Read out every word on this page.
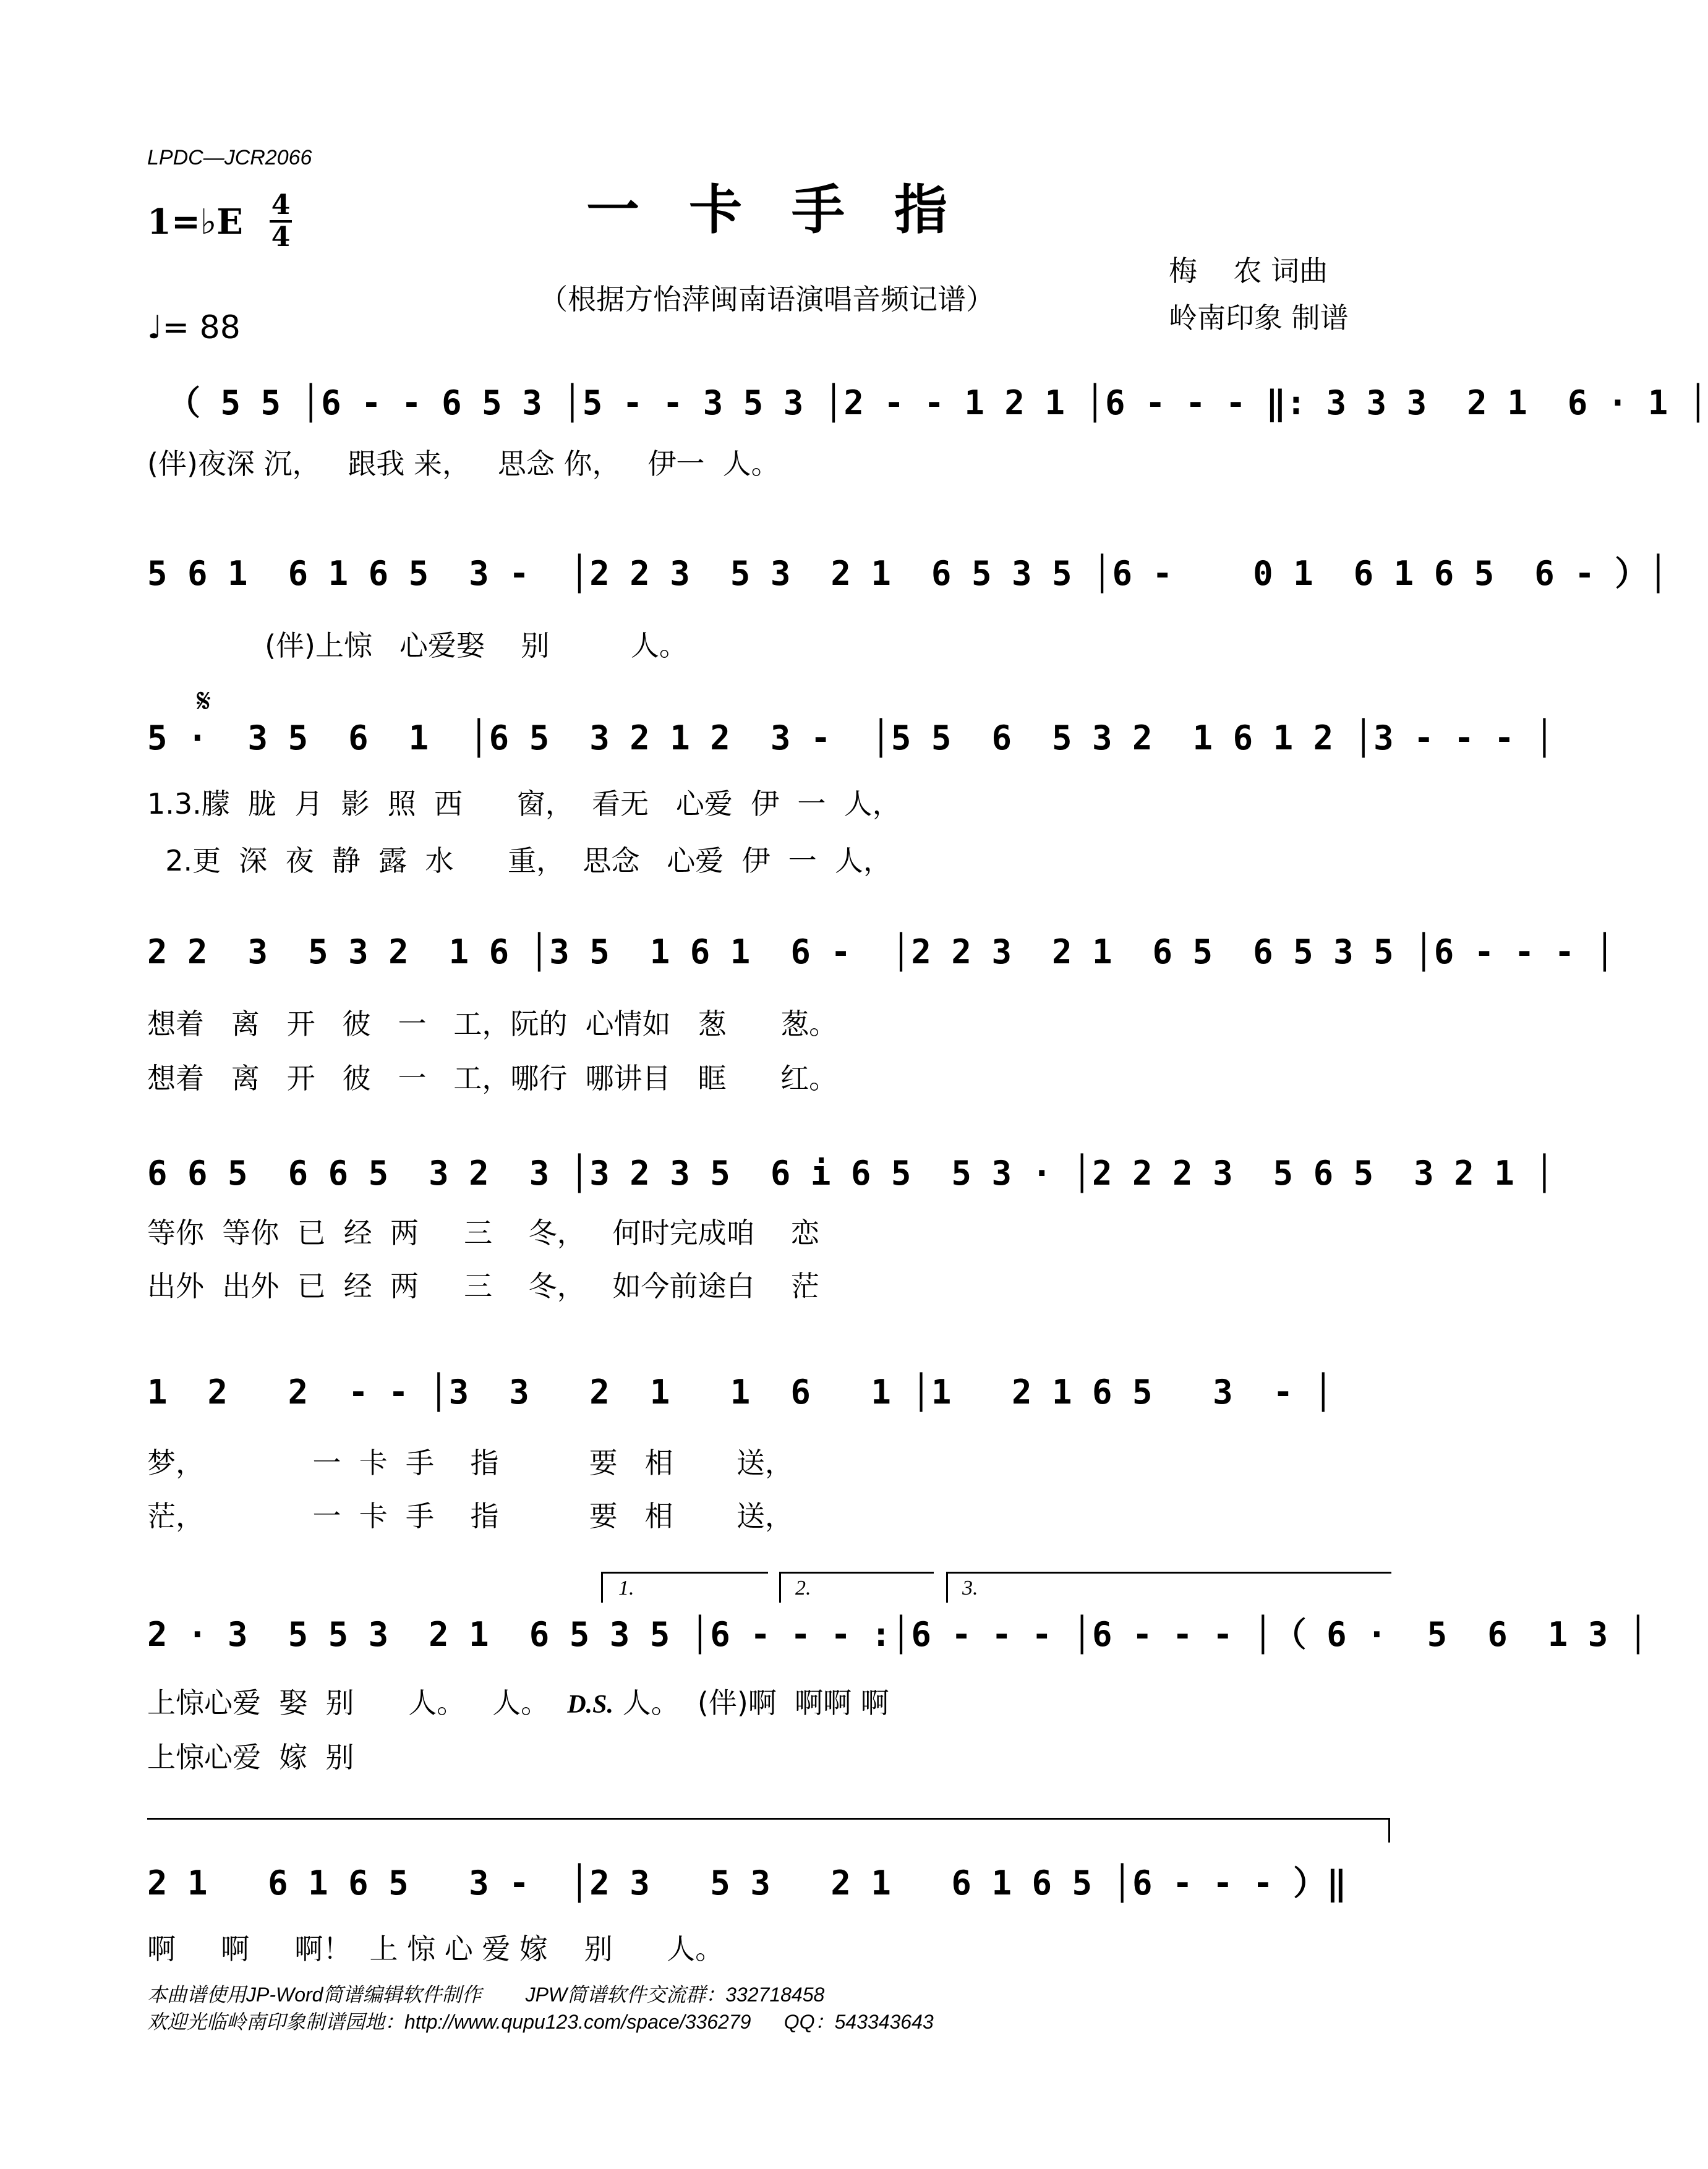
LPDC—JCR2066
一卡手指
（根据方怡萍闽南语演唱音频记谱）
梅    农 词曲
岭南印象 制谱
1=♭E 4
4
♩= 88
（ 5 5 │6 - - 6 5 3 │5 - - 3 5 3 │2 - - 1 2 1 │6 - - - ‖: 3 3 3  2 1  6 · 1 │
(伴)夜深 沉，   跟我 来，   思念 你，   伊一  人。
5 6 1  6 1 6 5  3 -  │2 2 3  5 3  2 1  6 5 3 5 │6 -    0 1  6 1 6 5  6 - ）│
(伴)上惊   心爱娶    别         人。
𝄋
5 ·  3 5  6  1  │6 5  3 2 1 2  3 -  │5 5  6  5 3 2  1 6 1 2 │3 - - - │
1.3.朦  胧  月  影  照  西      窗，  看无   心爱  伊  一  人，
2.更  深  夜  静  露  水      重，  思念   心爱  伊  一  人，
2 2  3  5 3 2  1 6 │3 5  1 6 1  6 -  │2 2 3  2 1  6 5  6 5 3 5 │6 - - - │
想着   离   开   彼   一   工，阮的  心情如   葱      葱。
想着   离   开   彼   一   工，哪行  哪讲目   眶      红。
6 6 5  6 6 5  3 2  3 │3 2 3 5  6 i 6 5  5 3 · │2 2 2 3  5 6 5  3 2 1 │
等你  等你  已  经  两     三    冬，   何时完成咱    恋
出外  出外  已  经  两     三    冬，   如今前途白    茫
1  2   2  - - │3  3   2  1   1  6   1 │1   2 1 6 5   3  - │
梦，            一  卡  手    指          要   相       送，
茫，            一  卡  手    指          要   相       送，
1.	2.	3.
2 · 3  5 5 3  2 1  6 5 3 5 │6 - - - :│6 - - - │6 - - - │（ 6 ·  5  6  1 3 │
上惊心爱  娶  别      人。   人。 D.S. 人。  (伴)啊  啊啊 啊
上惊心爱  嫁  别
2 1   6 1 6 5   3 -  │2 3   5 3   2 1   6 1 6 5 │6 - - - ）‖
啊     啊     啊！  上 惊 心 爱 嫁    别      人。
本曲谱使用JP-Word简谱编辑软件制作        JPW简谱软件交流群：332718458
欢迎光临岭南印象制谱园地：http://www.qupu123.com/space/336279      QQ：543343643
